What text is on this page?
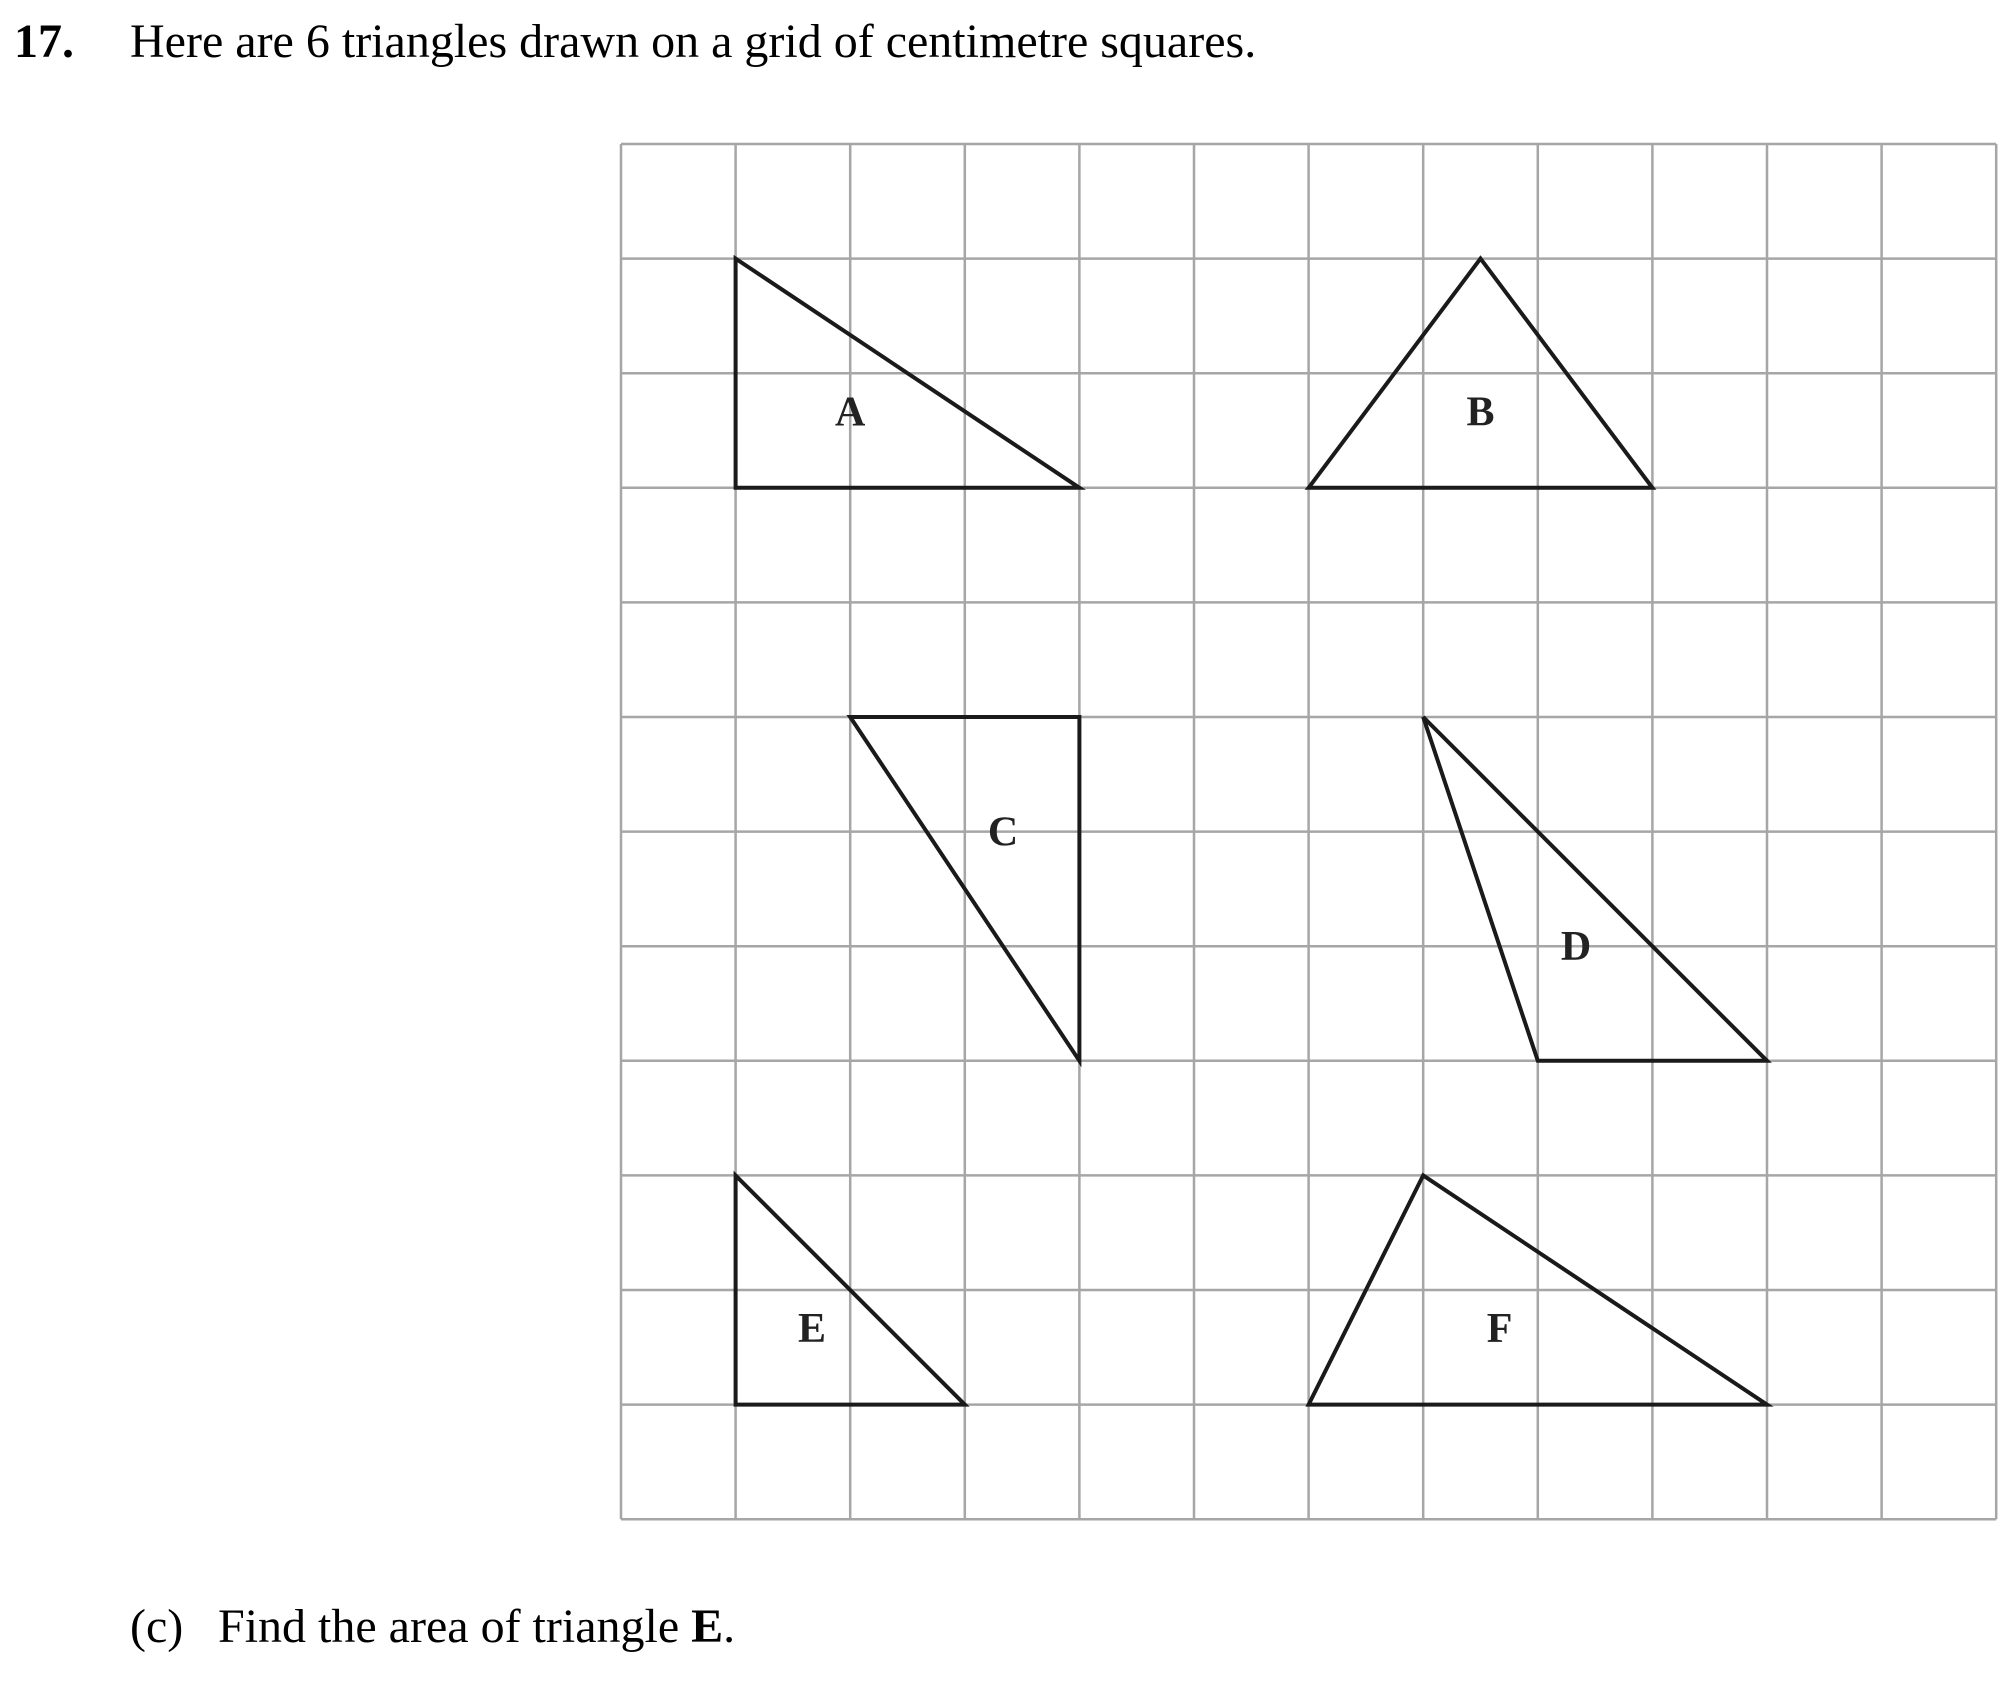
17. Here are 6 triangles drawn on a grid of centimetre squares.
A	B
C
D
E	F
(c) Find the area of triangle E.
